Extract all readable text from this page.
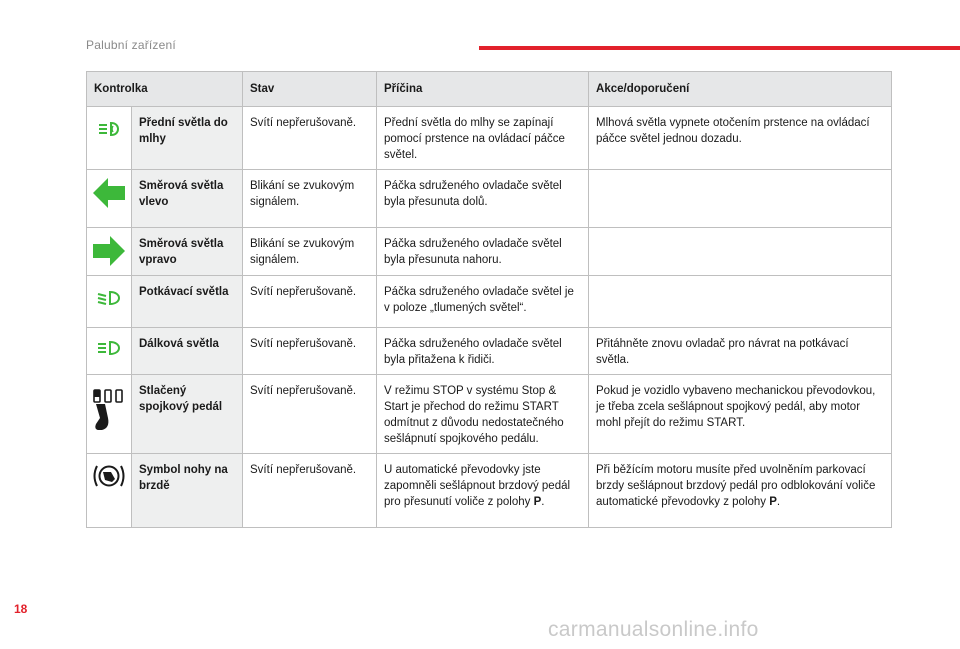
Palubní zařízení
Kontrolka		Stav	Příčina	Akce/doporučení

	Přední světla do mlhy	Svítí nepřerušovaně.	Přední světla do mlhy se zapínají pomocí prstence na ovládací páčce světel.	Mlhová světla vypnete otočením prstence na ovládací páčce světel jednou dozadu.

	Směrová světla vlevo	Blikání se zvukovým signálem.	Páčka sdruženého ovladače světel byla přesunuta dolů.	

	Směrová světla vpravo	Blikání se zvukovým signálem.	Páčka sdruženého ovladače světel byla přesunuta nahoru.	

	Potkávací světla	Svítí nepřerušovaně.	Páčka sdruženého ovladače světel je v poloze „tlumených světel“.	

	Dálková světla	Svítí nepřerušovaně.	Páčka sdruženého ovladače světel byla přitažena k řidiči.	Přitáhněte znovu ovladač pro návrat na potkávací světla.

	Stlačený spojkový pedál	Svítí nepřerušovaně.	V režimu STOP v systému Stop & Start je přechod do režimu START odmítnut z důvodu nedostatečného sešlápnutí spojkového pedálu.	Pokud je vozidlo vybaveno mechanickou převodovkou, je třeba zcela sešlápnout spojkový pedál, aby motor mohl přejít do režimu START.

	Symbol nohy na brzdě	Svítí nepřerušovaně.	U automatické převodovky jste zapomněli sešlápnout brzdový pedál pro přesunutí voliče z polohy P.	Při běžícím motoru musíte před uvolněním parkovací brzdy sešlápnout brzdový pedál pro odblokování voliče automatické převodovky z polohy P.
18
carmanualsonline.info
